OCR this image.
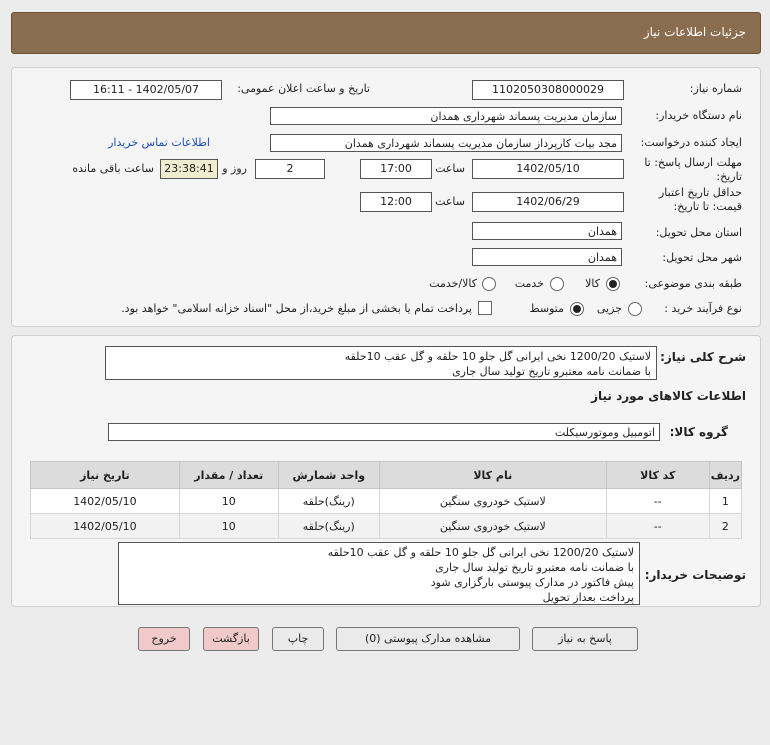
جزئیات اطلاعات نیاز
شماره نیاز:
1102050308000029
تاریخ و ساعت اعلان عمومی:
1402/05/07 - 16:11
نام دستگاه خریدار:
سازمان مدیریت پسماند شهرداری همدان
ایجاد کننده درخواست:
مجد بیات کارپرداز سازمان مدیریت پسماند شهرداری همدان
اطلاعات تماس خریدار
مهلت ارسال پاسخ: تا تاریخ:
1402/05/10
ساعت
17:00
2
روز و
23:38:41
ساعت باقی مانده
حداقل تاریخ اعتبار قیمت: تا تاریخ:
1402/06/29
ساعت
12:00
استان محل تحویل:
همدان
شهر محل تحویل:
همدان
طبقه بندی موضوعی:
کالا
خدمت
کالا/خدمت
نوع فرآیند خرید :
جزیی
متوسط
پرداخت تمام یا بخشی از مبلغ خرید،از محل "اسناد خزانه اسلامی" خواهد بود.
شرح کلی نیاز:
لاستیک 1200/20 نخی ایرانی گل جلو 10 حلقه و گل عقب 10حلقه
با ضمانت نامه معتبرو تاریخ تولید سال جاری
اطلاعات کالاهای مورد نیاز
گروه کالا:
اتومبیل وموتورسیکلت
ردیف	کد کالا	نام کالا	واحد شمارش	تعداد / مقدار	تاریخ نیاز
1	--	لاستیک خودروی سنگین	(رینگ)حلقه	10	1402/05/10
2	--	لاستیک خودروی سنگین	(رینگ)حلقه	10	1402/05/10
توضیحات خریدار:
لاستیک 1200/20 نخی ایرانی گل جلو 10 حلقه و گل عقب 10حلقه
با ضمانت نامه معتبرو تاریخ تولید سال جاری
پیش فاکتور در مدارک پیوستی بارگزاری شود
پرداخت بعداز تحویل
پاسخ به نیاز
مشاهده مدارک پیوستی (0)
چاپ
بازگشت
خروج
